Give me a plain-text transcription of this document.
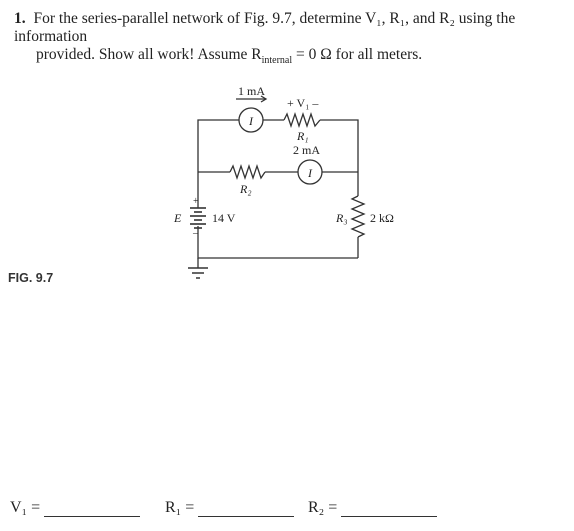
1. For the series-parallel network of Fig. 9.7, determine V₁, R₁, and R₂ using the information
provided. Show all work! Assume $R_{internal} = 0$ Ω for all meters.
1 mA
I
+ V₁ –
R₁
2 mA
I
R₂
+
–
E	14 V	R₃ 2 kΩ
FIG. 9.7
V₁ =	R₁ =	R₂ =
